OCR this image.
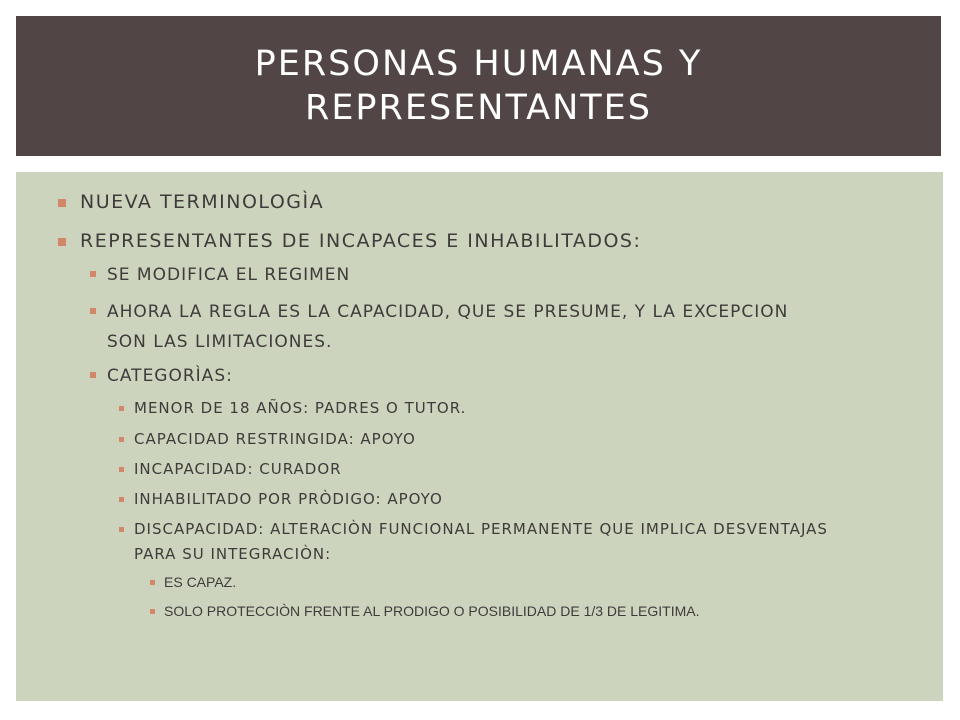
PERSONAS HUMANAS Y REPRESENTANTES
NUEVA TERMINOLOGÌA
REPRESENTANTES DE INCAPACES E INHABILITADOS:
SE MODIFICA EL REGIMEN
AHORA LA REGLA ES LA CAPACIDAD, QUE SE PRESUME, Y LA EXCEPCION SON LAS LIMITACIONES.
CATEGORÌAS:
MENOR DE 18 AÑOS: PADRES O TUTOR.
CAPACIDAD RESTRINGIDA: APOYO
INCAPACIDAD: CURADOR
INHABILITADO POR PRÒDIGO: APOYO
DISCAPACIDAD: ALTERACIÒN FUNCIONAL PERMANENTE QUE IMPLICA DESVENTAJAS PARA SU INTEGRACIÒN:
ES CAPAZ.
SOLO PROTECCIÒN FRENTE AL PRODIGO O POSIBILIDAD DE 1/3 DE LEGITIMA.
